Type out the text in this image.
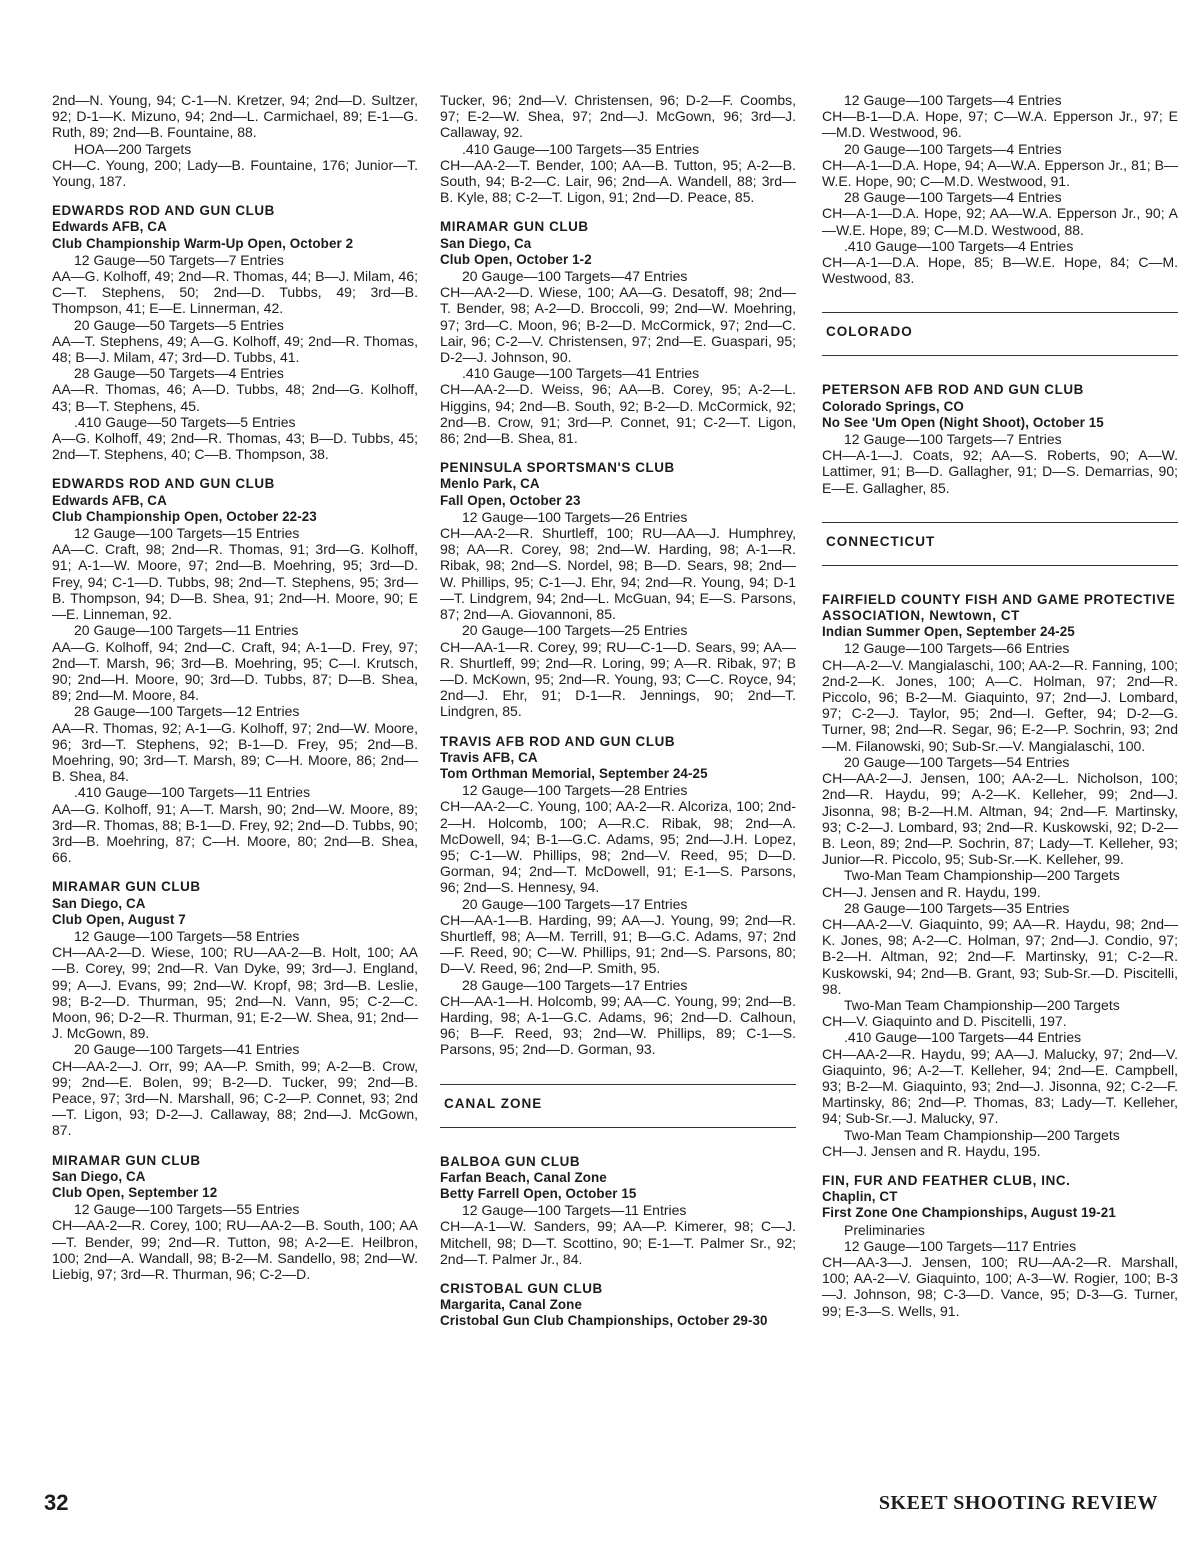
2nd—N. Young, 94; C-1—N. Kretzer, 94; 2nd—D. Sultzer, 92; D-1—K. Mizuno, 94; 2nd—L. Carmichael, 89; E-1—G. Ruth, 89; 2nd—B. Fountaine, 88.
HOA—200 Targets
CH—C. Young, 200; Lady—B. Fountaine, 176; Junior—T. Young, 187.
EDWARDS ROD AND GUN CLUB
Edwards AFB, CA
Club Championship Warm-Up Open, October 2
12 Gauge—50 Targets—7 Entries
AA—G. Kolhoff, 49; 2nd—R. Thomas, 44; B—J. Milam, 46; C—T. Stephens, 50; 2nd—D. Tubbs, 49; 3rd—B. Thompson, 41; E—E. Linnerman, 42.
20 Gauge—50 Targets—5 Entries
AA—T. Stephens, 49; A—G. Kolhoff, 49; 2nd—R. Thomas, 48; B—J. Milam, 47; 3rd—D. Tubbs, 41.
28 Gauge—50 Targets—4 Entries
AA—R. Thomas, 46; A—D. Tubbs, 48; 2nd—G. Kolhoff, 43; B—T. Stephens, 45.
.410 Gauge—50 Targets—5 Entries
A—G. Kolhoff, 49; 2nd—R. Thomas, 43; B—D. Tubbs, 45; 2nd—T. Stephens, 40; C—B. Thompson, 38.
EDWARDS ROD AND GUN CLUB
Edwards AFB, CA
Club Championship Open, October 22-23
12 Gauge—100 Targets—15 Entries
AA—C. Craft, 98; 2nd—R. Thomas, 91; 3rd—G. Kolhoff, 91; A-1—W. Moore, 97; 2nd—B. Moehring, 95; 3rd—D. Frey, 94; C-1—D. Tubbs, 98; 2nd—T. Stephens, 95; 3rd—B. Thompson, 94; D—B. Shea, 91; 2nd—H. Moore, 90; E—E. Linneman, 92.
20 Gauge—100 Targets—11 Entries
AA—G. Kolhoff, 94; 2nd—C. Craft, 94; A-1—D. Frey, 97; 2nd—T. Marsh, 96; 3rd—B. Moehring, 95; C—I. Krutsch, 90; 2nd—H. Moore, 90; 3rd—D. Tubbs, 87; D—B. Shea, 89; 2nd—M. Moore, 84.
28 Gauge—100 Targets—12 Entries
AA—R. Thomas, 92; A-1—G. Kolhoff, 97; 2nd—W. Moore, 96; 3rd—T. Stephens, 92; B-1—D. Frey, 95; 2nd—B. Moehring, 90; 3rd—T. Marsh, 89; C—H. Moore, 86; 2nd—B. Shea, 84.
.410 Gauge—100 Targets—11 Entries
AA—G. Kolhoff, 91; A—T. Marsh, 90; 2nd—W. Moore, 89; 3rd—R. Thomas, 88; B-1—D. Frey, 92; 2nd—D. Tubbs, 90; 3rd—B. Moehring, 87; C—H. Moore, 80; 2nd—B. Shea, 66.
MIRAMAR GUN CLUB
San Diego, CA
Club Open, August 7
12 Gauge—100 Targets—58 Entries
CH—AA-2—D. Wiese, 100; RU—AA-2—B. Holt, 100; AA—B. Corey, 99; 2nd—R. Van Dyke, 99; 3rd—J. England, 99; A—J. Evans, 99; 2nd—W. Kropf, 98; 3rd—B. Leslie, 98; B-2—D. Thurman, 95; 2nd—N. Vann, 95; C-2—C. Moon, 96; D-2—R. Thurman, 91; E-2—W. Shea, 91; 2nd—J. McGown, 89.
20 Gauge—100 Targets—41 Entries
CH—AA-2—J. Orr, 99; AA—P. Smith, 99; A-2—B. Crow, 99; 2nd—E. Bolen, 99; B-2—D. Tucker, 99; 2nd—B. Peace, 97; 3rd—N. Marshall, 96; C-2—P. Connet, 93; 2nd—T. Ligon, 93; D-2—J. Callaway, 88; 2nd—J. McGown, 87.
MIRAMAR GUN CLUB
San Diego, CA
Club Open, September 12
12 Gauge—100 Targets—55 Entries
CH—AA-2—R. Corey, 100; RU—AA-2—B. South, 100; AA—T. Bender, 99; 2nd—R. Tutton, 98; A-2—E. Heilbron, 100; 2nd—A. Wandall, 98; B-2—M. Sandello, 98; 2nd—W. Liebig, 97; 3rd—R. Thurman, 96; C-2—D.
Tucker, 96; 2nd—V. Christensen, 96; D-2—F. Coombs, 97; E-2—W. Shea, 97; 2nd—J. McGown, 96; 3rd—J. Callaway, 92.
.410 Gauge—100 Targets—35 Entries
CH—AA-2—T. Bender, 100; AA—B. Tutton, 95; A-2—B. South, 94; B-2—C. Lair, 96; 2nd—A. Wandell, 88; 3rd—B. Kyle, 88; C-2—T. Ligon, 91; 2nd—D. Peace, 85.
MIRAMAR GUN CLUB
San Diego, Ca
Club Open, October 1-2
20 Gauge—100 Targets—47 Entries
CH—AA-2—D. Wiese, 100; AA—G. Desatoff, 98; 2nd—T. Bender, 98; A-2—D. Broccoli, 99; 2nd—W. Moehring, 97; 3rd—C. Moon, 96; B-2—D. McCormick, 97; 2nd—C. Lair, 96; C-2—V. Christensen, 97; 2nd—E. Guaspari, 95; D-2—J. Johnson, 90.
.410 Gauge—100 Targets—41 Entries
CH—AA-2—D. Weiss, 96; AA—B. Corey, 95; A-2—L. Higgins, 94; 2nd—B. South, 92; B-2—D. McCormick, 92; 2nd—B. Crow, 91; 3rd—P. Connet, 91; C-2—T. Ligon, 86; 2nd—B. Shea, 81.
PENINSULA SPORTSMAN'S CLUB
Menlo Park, CA
Fall Open, October 23
12 Gauge—100 Targets—26 Entries
CH—AA-2—R. Shurtleff, 100; RU—AA—J. Humphrey, 98; AA—R. Corey, 98; 2nd—W. Harding, 98; A-1—R. Ribak, 98; 2nd—S. Nordel, 98; B—D. Sears, 98; 2nd—W. Phillips, 95; C-1—J. Ehr, 94; 2nd—R. Young, 94; D-1—T. Lindgrem, 94; 2nd—L. McGuan, 94; E—S. Parsons, 87; 2nd—A. Giovannoni, 85.
20 Gauge—100 Targets—25 Entries
CH—AA-1—R. Corey, 99; RU—C-1—D. Sears, 99; AA—R. Shurtleff, 99; 2nd—R. Loring, 99; A—R. Ribak, 97; B—D. McKown, 95; 2nd—R. Young, 93; C—C. Royce, 94; 2nd—J. Ehr, 91; D-1—R. Jennings, 90; 2nd—T. Lindgren, 85.
TRAVIS AFB ROD AND GUN CLUB
Travis AFB, CA
Tom Orthman Memorial, September 24-25
12 Gauge—100 Targets—28 Entries
CH—AA-2—C. Young, 100; AA-2—R. Alcoriza, 100; 2nd-2—H. Holcomb, 100; A—R.C. Ribak, 98; 2nd—A. McDowell, 94; B-1—G.C. Adams, 95; 2nd—J.H. Lopez, 95; C-1—W. Phillips, 98; 2nd—V. Reed, 95; D—D. Gorman, 94; 2nd—T. McDowell, 91; E-1—S. Parsons, 96; 2nd—S. Hennesy, 94.
20 Gauge—100 Targets—17 Entries
CH—AA-1—B. Harding, 99; AA—J. Young, 99; 2nd—R. Shurtleff, 98; A—M. Terrill, 91; B—G.C. Adams, 97; 2nd—F. Reed, 90; C—W. Phillips, 91; 2nd—S. Parsons, 80; D—V. Reed, 96; 2nd—P. Smith, 95.
28 Gauge—100 Targets—17 Entries
CH—AA-1—H. Holcomb, 99; AA—C. Young, 99; 2nd—B. Harding, 98; A-1—G.C. Adams, 96; 2nd—D. Calhoun, 96; B—F. Reed, 93; 2nd—W. Phillips, 89; C-1—S. Parsons, 95; 2nd—D. Gorman, 93.
CANAL ZONE
BALBOA GUN CLUB
Farfan Beach, Canal Zone
Betty Farrell Open, October 15
12 Gauge—100 Targets—11 Entries
CH—A-1—W. Sanders, 99; AA—P. Kimerer, 98; C—J. Mitchell, 98; D—T. Scottino, 90; E-1—T. Palmer Sr., 92; 2nd—T. Palmer Jr., 84.
CRISTOBAL GUN CLUB
Margarita, Canal Zone
Cristobal Gun Club Championships, October 29-30
12 Gauge—100 Targets—4 Entries
CH—B-1—D.A. Hope, 97; C—W.A. Epperson Jr., 97; E—M.D. Westwood, 96.
20 Gauge—100 Targets—4 Entries
CH—A-1—D.A. Hope, 94; A—W.A. Epperson Jr., 81; B—W.E. Hope, 90; C—M.D. Westwood, 91.
28 Gauge—100 Targets—4 Entries
CH—A-1—D.A. Hope, 92; AA—W.A. Epperson Jr., 90; A—W.E. Hope, 89; C—M.D. Westwood, 88.
.410 Gauge—100 Targets—4 Entries
CH—A-1—D.A. Hope, 85; B—W.E. Hope, 84; C—M. Westwood, 83.
COLORADO
PETERSON AFB ROD AND GUN CLUB
Colorado Springs, CO
No See 'Um Open (Night Shoot), October 15
12 Gauge—100 Targets—7 Entries
CH—A-1—J. Coats, 92; AA—S. Roberts, 90; A—W. Lattimer, 91; B—D. Gallagher, 91; D—S. Demarrias, 90; E—E. Gallagher, 85.
CONNECTICUT
FAIRFIELD COUNTY FISH AND GAME PROTECTIVE ASSOCIATION, Newtown, CT
Indian Summer Open, September 24-25
12 Gauge—100 Targets—66 Entries
CH—A-2—V. Mangialaschi, 100; AA-2—R. Fanning, 100; 2nd-2—K. Jones, 100; A—C. Holman, 97; 2nd—R. Piccolo, 96; B-2—M. Giaquinto, 97; 2nd—J. Lombard, 97; C-2—J. Taylor, 95; 2nd—I. Gefter, 94; D-2—G. Turner, 98; 2nd—R. Segar, 96; E-2—P. Sochrin, 93; 2nd—M. Filanowski, 90; Sub-Sr.—V. Mangialaschi, 100.
20 Gauge—100 Targets—54 Entries
CH—AA-2—J. Jensen, 100; AA-2—L. Nicholson, 100; 2nd—R. Haydu, 99; A-2—K. Kelleher, 99; 2nd—J. Jisonna, 98; B-2—H.M. Altman, 94; 2nd—F. Martinsky, 93; C-2—J. Lombard, 93; 2nd—R. Kuskowski, 92; D-2—B. Leon, 89; 2nd—P. Sochrin, 87; Lady—T. Kelleher, 93; Junior—R. Piccolo, 95; Sub-Sr.—K. Kelleher, 99.
Two-Man Team Championship—200 Targets
CH—J. Jensen and R. Haydu, 199.
28 Gauge—100 Targets—35 Entries
CH—AA-2—V. Giaquinto, 99; AA—R. Haydu, 98; 2nd—K. Jones, 98; A-2—C. Holman, 97; 2nd—J. Condio, 97; B-2—H. Altman, 92; 2nd—F. Martinsky, 91; C-2—R. Kuskowski, 94; 2nd—B. Grant, 93; Sub-Sr.—D. Piscitelli, 98.
Two-Man Team Championship—200 Targets
CH—V. Giaquinto and D. Piscitelli, 197.
.410 Gauge—100 Targets—44 Entries
CH—AA-2—R. Haydu, 99; AA—J. Malucky, 97; 2nd—V. Giaquinto, 96; A-2—T. Kelleher, 94; 2nd—E. Campbell, 93; B-2—M. Giaquinto, 93; 2nd—J. Jisonna, 92; C-2—F. Martinsky, 86; 2nd—P. Thomas, 83; Lady—T. Kelleher, 94; Sub-Sr.—J. Malucky, 97.
Two-Man Team Championship—200 Targets
CH—J. Jensen and R. Haydu, 195.
FIN, FUR AND FEATHER CLUB, INC.
Chaplin, CT
First Zone One Championships, August 19-21
Preliminaries
12 Gauge—100 Targets—117 Entries
CH—AA-3—J. Jensen, 100; RU—AA-2—R. Marshall, 100; AA-2—V. Giaquinto, 100; A-3—W. Rogier, 100; B-3—J. Johnson, 98; C-3—D. Vance, 95; D-3—G. Turner, 99; E-3—S. Wells, 91.
32	SKEET SHOOTING REVIEW
